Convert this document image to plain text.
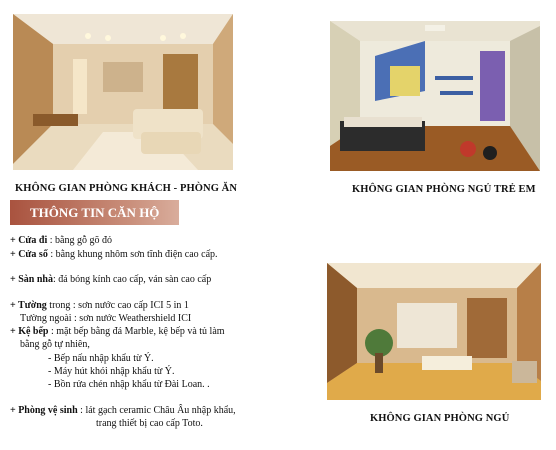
KHÔNG GIAN PHÒNG KHÁCH - PHÒNG ĂN	KHÔNG GIAN PHÒNG NGỦ TRẺ EM
THÔNG TIN CĂN HỘ
KHÔNG GIAN PHÒNG NGỦ
+ Cửa đi : bằng gỗ gõ đỏ
+ Cửa sổ : bằng khung nhôm sơn tĩnh điện cao cấp.
+ Sàn nhà: đá bóng kính cao cấp, ván sàn cao cấp
+ Tường trong : sơn nước cao cấp ICI 5 in 1
Tường ngoài : sơn nước Weathershield ICI
+ Kệ bếp : mặt bếp bằng đá Marble, kệ bếp và tủ làm
bằng gỗ tự nhiên,
- Bếp nấu nhập khẩu từ Ý.
- Máy hút khói nhập khẩu từ Ý.
- Bồn rửa chén nhập khẩu từ Đài Loan. .
+ Phòng vệ sinh : lát gạch ceramic Châu Âu nhập khẩu,
trang thiết bị cao cấp Toto.
